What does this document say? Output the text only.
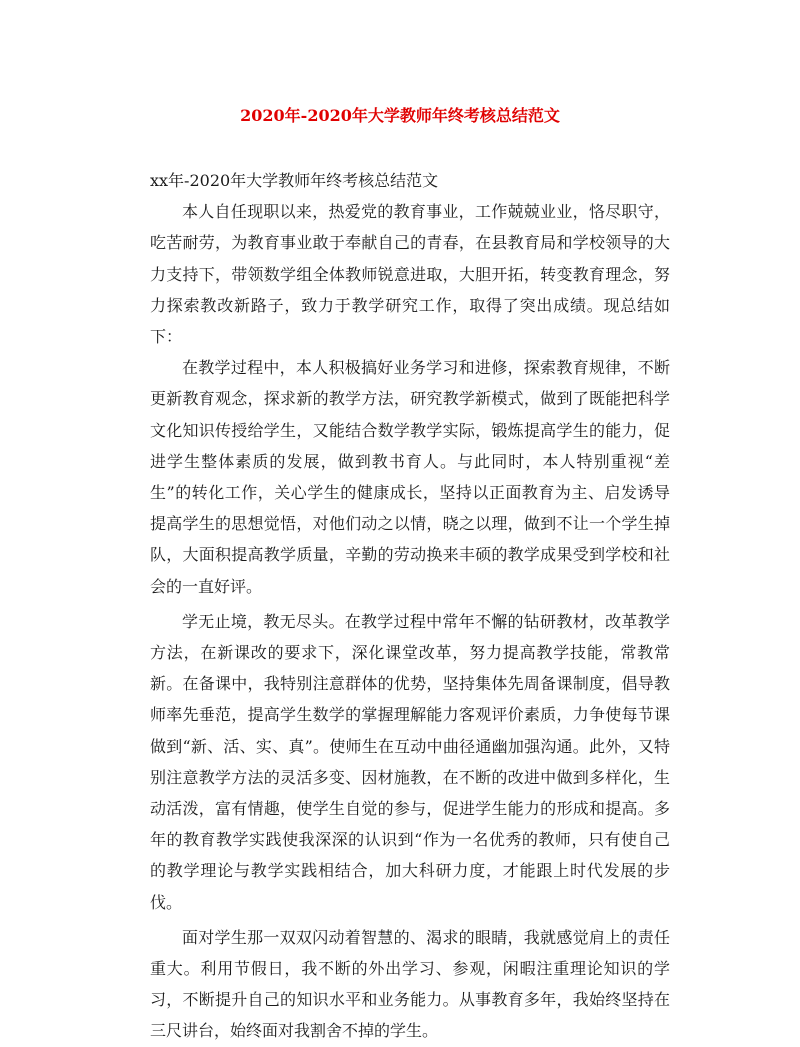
2020年-2020年大学教师年终考核总结范文

xx年-2020年大学教师年终考核总结范文

本人自任现职以来，热爱党的教育事业，工作兢兢业业，恪尽职守，吃苦耐劳，为教育事业敢于奉献自己的青春，在县教育局和学校领导的大力支持下，带领数学组全体教师锐意进取，大胆开拓，转变教育理念，努力探索教改新路子，致力于教学研究工作，取得了突出成绩。现总结如下：

在教学过程中，本人积极搞好业务学习和进修，探索教育规律，不断更新教育观念，探求新的教学方法，研究教学新模式，做到了既能把科学文化知识传授给学生，又能结合数学教学实际，锻炼提高学生的能力，促进学生整体素质的发展，做到教书育人。与此同时，本人特别重视“差生”的转化工作，关心学生的健康成长，坚持以正面教育为主、启发诱导提高学生的思想觉悟，对他们动之以情，晓之以理，做到不让一个学生掉队，大面积提高教学质量，辛勤的劳动换来丰硕的教学成果受到学校和社会的一直好评。

学无止境，教无尽头。在教学过程中常年不懈的钻研教材，改革教学方法，在新课改的要求下，深化课堂改革，努力提高教学技能，常教常新。在备课中，我特别注意群体的优势，坚持集体先周备课制度，倡导教师率先垂范，提高学生数学的掌握理解能力客观评价素质，力争使每节课做到“新、活、实、真”。使师生在互动中曲径通幽加强沟通。此外，又特别注意教学方法的灵活多变、因材施教，在不断的改进中做到多样化，生动活泼，富有情趣，使学生自觉的参与，促进学生能力的形成和提高。多年的教育教学实践使我深深的认识到“作为一名优秀的教师，只有使自己的教学理论与教学实践相结合，加大科研力度，才能跟上时代发展的步伐。

面对学生那一双双闪动着智慧的、渴求的眼睛，我就感觉肩上的责任重大。利用节假日，我不断的外出学习、参观，闲暇注重理论知识的学习，不断提升自己的知识水平和业务能力。从事教育多年，我始终坚持在三尺讲台，始终面对我割舍不掉的学生。
